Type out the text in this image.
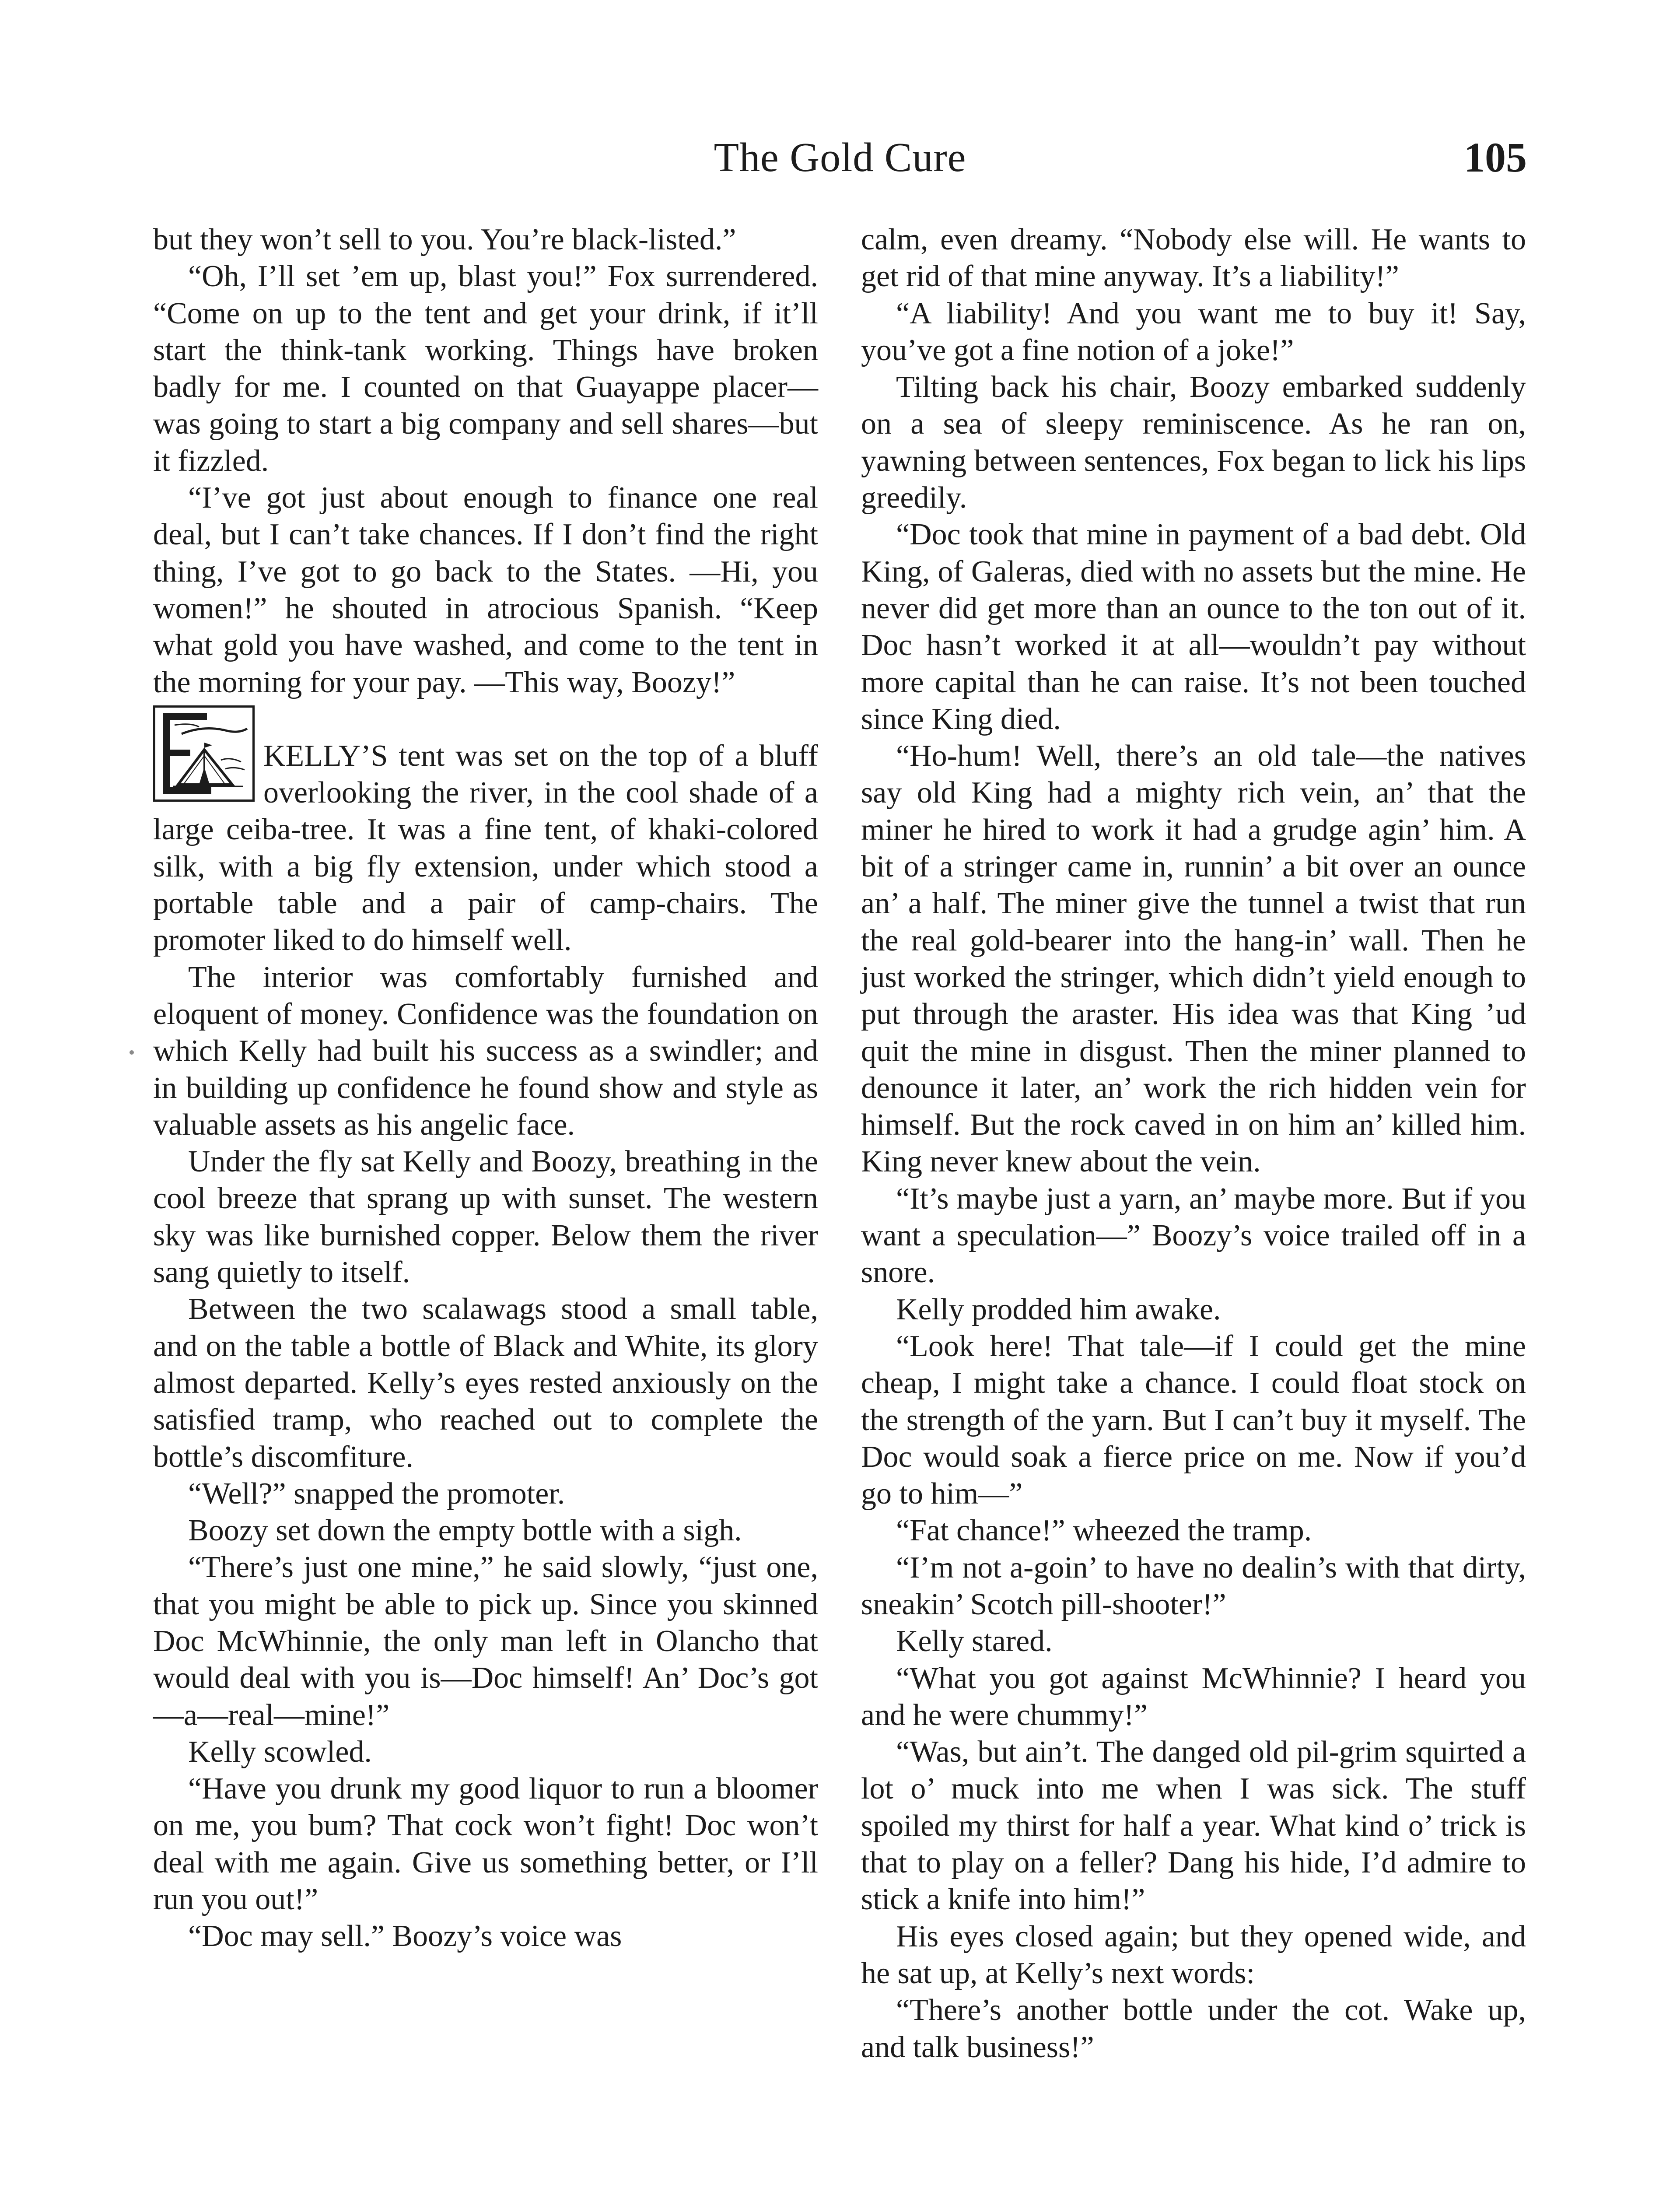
The Gold Cure	105

but they won’t sell to you. You’re black-listed.”

“Oh, I’ll set ’em up, blast you!” Fox surrendered. “Come on up to the tent and get your drink, if it’ll start the think-tank working. Things have broken badly for me. I counted on that Guayappe placer—was going to start a big company and sell shares—but it fizzled.

“I’ve got just about enough to finance one real deal, but I can’t take chances. If I don’t find the right thing, I’ve got to go back to the States. —Hi, you women!” he shouted in atrocious Spanish. “Keep what gold you have washed, and come to the tent in the morning for your pay. —This way, Boozy!”

KELLY’S tent was set on the top of a bluff overlooking the river, in the cool shade of a large ceiba-tree. It was a fine tent, of khaki-colored silk, with a big fly extension, under which stood a portable table and a pair of camp-chairs. The promoter liked to do himself well.

The interior was comfortably furnished and eloquent of money. Confidence was the foundation on which Kelly had built his success as a swindler; and in building up confidence he found show and style as valuable assets as his angelic face.

Under the fly sat Kelly and Boozy, breathing in the cool breeze that sprang up with sunset. The western sky was like burnished copper. Below them the river sang quietly to itself.

Between the two scalawags stood a small table, and on the table a bottle of Black and White, its glory almost departed. Kelly’s eyes rested anxiously on the satisfied tramp, who reached out to complete the bottle’s discomfiture.

“Well?” snapped the promoter.

Boozy set down the empty bottle with a sigh.

“There’s just one mine,” he said slowly, “just one, that you might be able to pick up. Since you skinned Doc McWhinnie, the only man left in Olancho that would deal with you is—Doc himself! An’ Doc’s got—a—real—mine!”

Kelly scowled.

“Have you drunk my good liquor to run a bloomer on me, you bum? That cock won’t fight! Doc won’t deal with me again. Give us something better, or I’ll run you out!”

“Doc may sell.” Boozy’s voice was

calm, even dreamy. “Nobody else will. He wants to get rid of that mine anyway. It’s a liability!”

“A liability! And you want me to buy it! Say, you’ve got a fine notion of a joke!”

Tilting back his chair, Boozy embarked suddenly on a sea of sleepy reminiscence. As he ran on, yawning between sentences, Fox began to lick his lips greedily.

“Doc took that mine in payment of a bad debt. Old King, of Galeras, died with no assets but the mine. He never did get more than an ounce to the ton out of it. Doc hasn’t worked it at all—wouldn’t pay without more capital than he can raise. It’s not been touched since King died.

“Ho-hum! Well, there’s an old tale—the natives say old King had a mighty rich vein, an’ that the miner he hired to work it had a grudge agin’ him. A bit of a stringer came in, runnin’ a bit over an ounce an’ a half. The miner give the tunnel a twist that run the real gold-bearer into the hang-in’ wall. Then he just worked the stringer, which didn’t yield enough to put through the araster. His idea was that King ’ud quit the mine in disgust. Then the miner planned to denounce it later, an’ work the rich hidden vein for himself. But the rock caved in on him an’ killed him. King never knew about the vein.

“It’s maybe just a yarn, an’ maybe more. But if you want a speculation—” Boozy’s voice trailed off in a snore.

Kelly prodded him awake.

“Look here! That tale—if I could get the mine cheap, I might take a chance. I could float stock on the strength of the yarn. But I can’t buy it myself. The Doc would soak a fierce price on me. Now if you’d go to him—”

“Fat chance!” wheezed the tramp.

“I’m not a-goin’ to have no dealin’s with that dirty, sneakin’ Scotch pill-shooter!”

Kelly stared.

“What you got against McWhinnie? I heard you and he were chummy!”

“Was, but ain’t. The danged old pil-grim squirted a lot o’ muck into me when I was sick. The stuff spoiled my thirst for half a year. What kind o’ trick is that to play on a feller? Dang his hide, I’d admire to stick a knife into him!”

His eyes closed again; but they opened wide, and he sat up, at Kelly’s next words:

“There’s another bottle under the cot. Wake up, and talk business!”
